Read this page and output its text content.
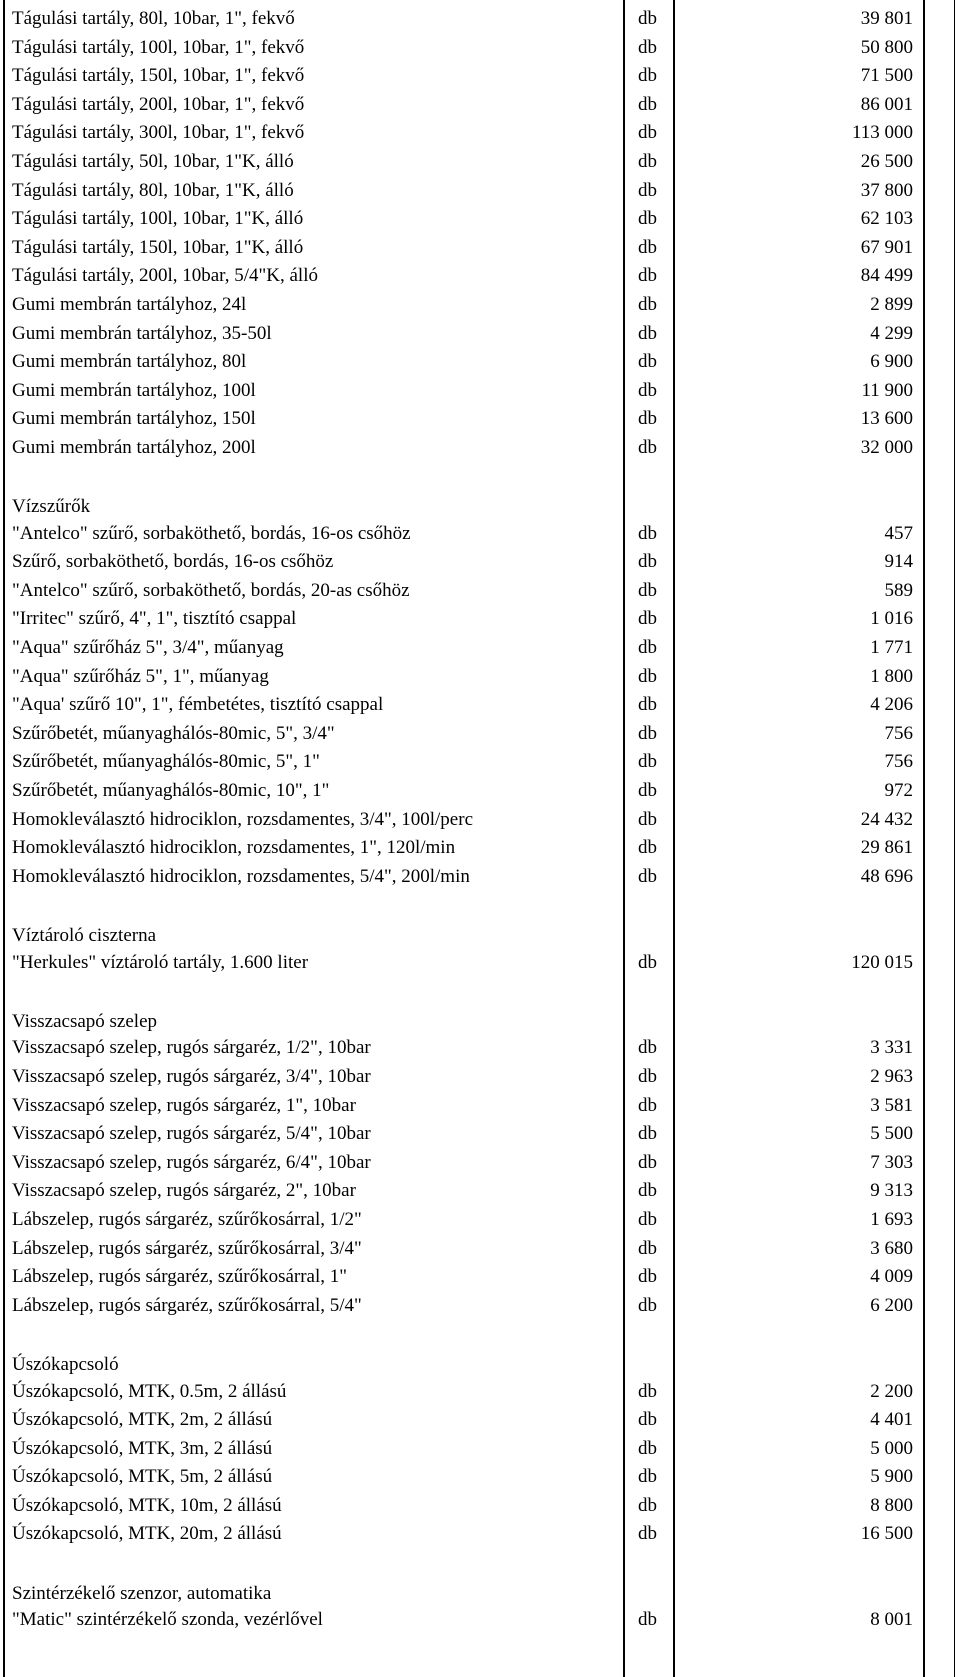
Tágulási tartály, 80l, 10bar, 1", fekvő	db	39 801
Tágulási tartály, 100l, 10bar, 1", fekvő	db	50 800
Tágulási tartály, 150l, 10bar, 1", fekvő	db	71 500
Tágulási tartály, 200l, 10bar, 1", fekvő	db	86 001
Tágulási tartály, 300l, 10bar, 1", fekvő	db	113 000
Tágulási tartály, 50l, 10bar, 1"K, álló	db	26 500
Tágulási tartály, 80l, 10bar, 1"K, álló	db	37 800
Tágulási tartály, 100l, 10bar, 1"K, álló	db	62 103
Tágulási tartály, 150l, 10bar, 1"K, álló	db	67 901
Tágulási tartály, 200l, 10bar, 5/4"K, álló	db	84 499
Gumi membrán tartályhoz, 24l	db	2 899
Gumi membrán tartályhoz, 35-50l	db	4 299
Gumi membrán tartályhoz, 80l	db	6 900
Gumi membrán tartályhoz, 100l	db	11 900
Gumi membrán tartályhoz, 150l	db	13 600
Gumi membrán tartályhoz, 200l	db	32 000
Vízszűrők
"Antelco" szűrő, sorbaköthető, bordás, 16-os csőhöz	db	457
Szűrő, sorbaköthető, bordás, 16-os csőhöz	db	914
"Antelco" szűrő, sorbaköthető, bordás, 20-as csőhöz	db	589
"Irritec" szűrő, 4", 1", tisztító csappal	db	1 016
"Aqua" szűrőház 5", 3/4", műanyag	db	1 771
"Aqua" szűrőház 5", 1", műanyag	db	1 800
"Aqua' szűrő 10", 1", fémbetétes, tisztító csappal	db	4 206
Szűrőbetét, műanyaghálós-80mic, 5", 3/4"	db	756
Szűrőbetét, műanyaghálós-80mic, 5", 1"	db	756
Szűrőbetét, műanyaghálós-80mic, 10", 1"	db	972
Homokleválasztó hidrociklon, rozsdamentes, 3/4", 100l/perc	db	24 432
Homokleválasztó hidrociklon, rozsdamentes, 1", 120l/min	db	29 861
Homokleválasztó hidrociklon, rozsdamentes, 5/4", 200l/min	db	48 696
Víztároló ciszterna
"Herkules" víztároló tartály, 1.600 liter	db	120 015
Visszacsapó szelep
Visszacsapó szelep, rugós sárgaréz, 1/2", 10bar	db	3 331
Visszacsapó szelep, rugós sárgaréz, 3/4", 10bar	db	2 963
Visszacsapó szelep, rugós sárgaréz, 1", 10bar	db	3 581
Visszacsapó szelep, rugós sárgaréz, 5/4", 10bar	db	5 500
Visszacsapó szelep, rugós sárgaréz, 6/4", 10bar	db	7 303
Visszacsapó szelep, rugós sárgaréz, 2", 10bar	db	9 313
Lábszelep, rugós sárgaréz, szűrőkosárral, 1/2"	db	1 693
Lábszelep, rugós sárgaréz, szűrőkosárral, 3/4"	db	3 680
Lábszelep, rugós sárgaréz, szűrőkosárral, 1"	db	4 009
Lábszelep, rugós sárgaréz, szűrőkosárral, 5/4"	db	6 200
Úszókapcsoló
Úszókapcsoló, MTK, 0.5m, 2 állású	db	2 200
Úszókapcsoló, MTK, 2m, 2 állású	db	4 401
Úszókapcsoló, MTK, 3m, 2 állású	db	5 000
Úszókapcsoló, MTK, 5m, 2 állású	db	5 900
Úszókapcsoló, MTK, 10m, 2 állású	db	8 800
Úszókapcsoló, MTK, 20m, 2 állású	db	16 500
Szintérzékelő szenzor, automatika
"Matic" szintérzékelő szonda, vezérlővel	db	8 001
